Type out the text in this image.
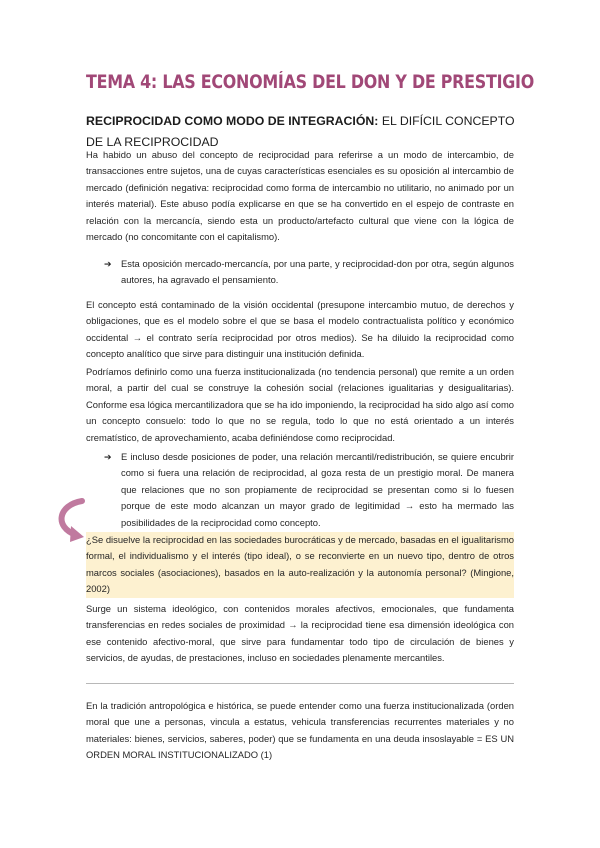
TEMA 4: LAS ECONOMÍAS DEL DON Y DE PRESTIGIO
RECIPROCIDAD COMO MODO DE INTEGRACIÓN: EL DIFÍCIL CONCEPTO DE LA RECIPROCIDAD

Ha habido un abuso del concepto de reciprocidad para referirse a un modo de intercambio, de transacciones entre sujetos, una de cuyas características esenciales es su oposición al intercambio de mercado (definición negativa: reciprocidad como forma de intercambio no utilitario, no animado por un interés material). Este abuso podía explicarse en que se ha convertido en el espejo de contraste en relación con la mercancía, siendo esta un producto/artefacto cultural que viene con la lógica de mercado (no concomitante con el capitalismo).

➔ Esta oposición mercado-mercancía, por una parte, y reciprocidad-don por otra, según algunos autores, ha agravado el pensamiento.

El concepto está contaminado de la visión occidental (presupone intercambio mutuo, de derechos y obligaciones, que es el modelo sobre el que se basa el modelo contractualista político y económico occidental → el contrato sería reciprocidad por otros medios). Se ha diluido la reciprocidad como concepto analítico que sirve para distinguir una institución definida.

Podríamos definirlo como una fuerza institucionalizada (no tendencia personal) que remite a un orden moral, a partir del cual se construye la cohesión social (relaciones igualitarias y desigualitarias). Conforme esa lógica mercantilizadora que se ha ido imponiendo, la reciprocidad ha sido algo así como un concepto consuelo: todo lo que no se regula, todo lo que no está orientado a un interés crematístico, de aprovechamiento, acaba definiéndose como reciprocidad.

➔ E incluso desde posiciones de poder, una relación mercantil/redistribución, se quiere encubrir como si fuera una relación de reciprocidad, al goza resta de un prestigio moral. De manera que relaciones que no son propiamente de reciprocidad se presentan como si lo fuesen porque de este modo alcanzan un mayor grado de legitimidad → esto ha mermado las posibilidades de la reciprocidad como concepto.

¿Se disuelve la reciprocidad en las sociedades burocráticas y de mercado, basadas en el igualitarismo formal, el individualismo y el interés (tipo ideal), o se reconvierte en un nuevo tipo, dentro de otros marcos sociales (asociaciones), basados en la auto-realización y la autonomía personal? (Mingione, 2002)

Surge un sistema ideológico, con contenidos morales afectivos, emocionales, que fundamenta transferencias en redes sociales de proximidad → la reciprocidad tiene esa dimensión ideológica con ese contenido afectivo-moral, que sirve para fundamentar todo tipo de circulación de bienes y servicios, de ayudas, de prestaciones, incluso en sociedades plenamente mercantiles.

En la tradición antropológica e histórica, se puede entender como una fuerza institucionalizada (orden moral que une a personas, vincula a estatus, vehicula transferencias recurrentes materiales y no materiales: bienes, servicios, saberes, poder) que se fundamenta en una deuda insoslayable = ES UN ORDEN MORAL INSTITUCIONALIZADO (1)
